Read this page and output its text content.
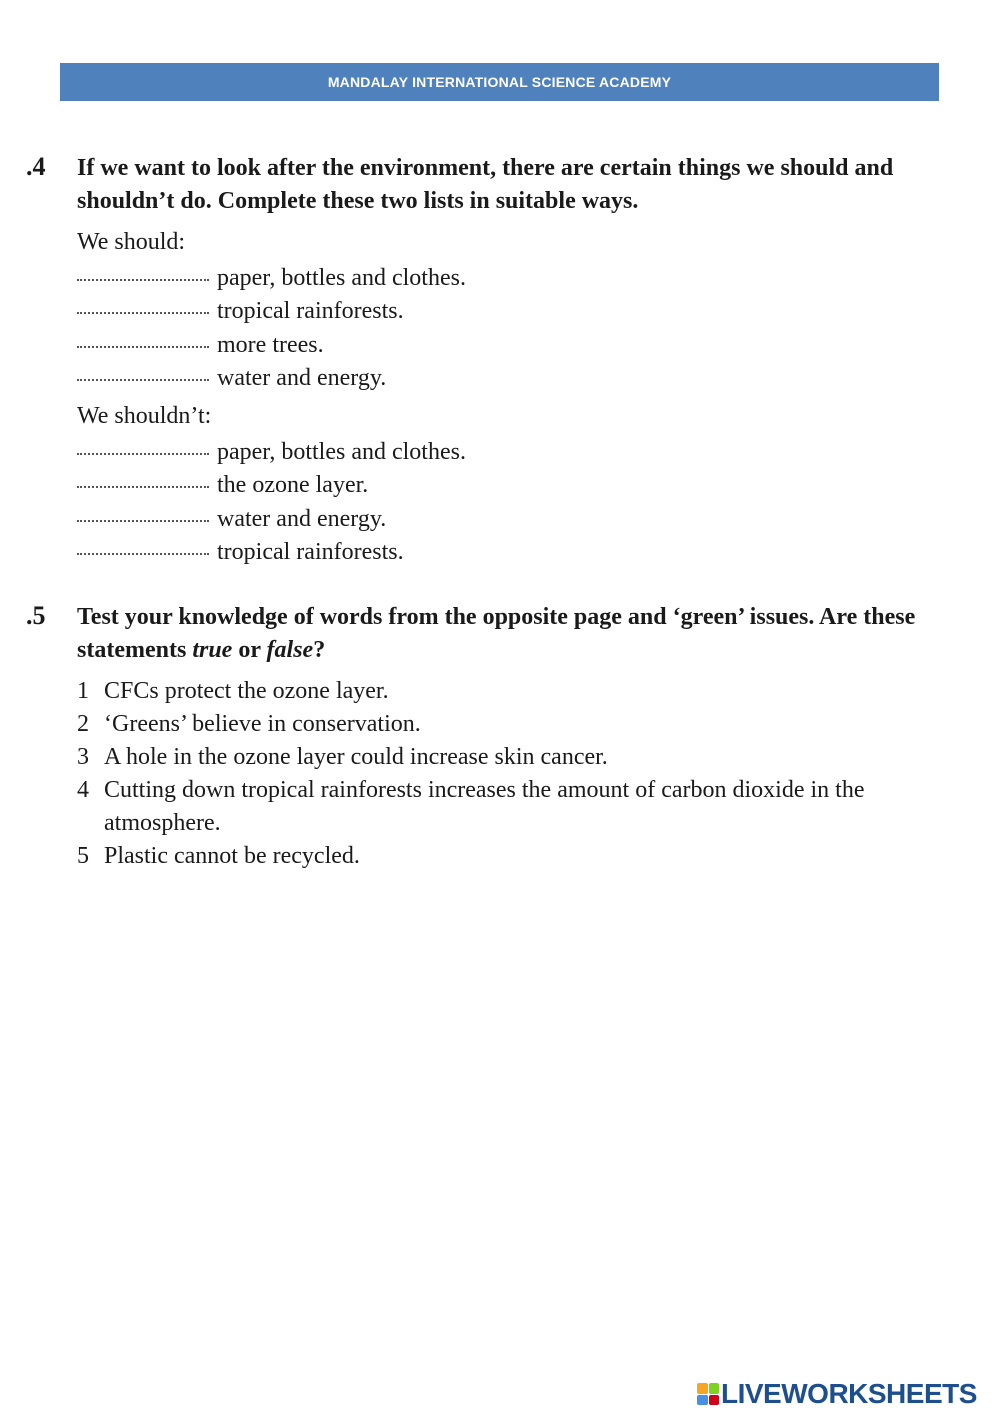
MANDALAY INTERNATIONAL SCIENCE ACADEMY
.4 If we want to look after the environment, there are certain things we should and shouldn’t do. Complete these two lists in suitable ways.
We should:
paper, bottles and clothes.
tropical rainforests.
more trees.
water and energy.
We shouldn’t:
paper, bottles and clothes.
the ozone layer.
water and energy.
tropical rainforests.
.5 Test your knowledge of words from the opposite page and ‘green’ issues. Are these statements true or false?
1 CFCs protect the ozone layer.
2 ‘Greens’ believe in conservation.
3 A hole in the ozone layer could increase skin cancer.
4 Cutting down tropical rainforests increases the amount of carbon dioxide in the atmosphere.
5 Plastic cannot be recycled.
LIVEWORKSHEETS
